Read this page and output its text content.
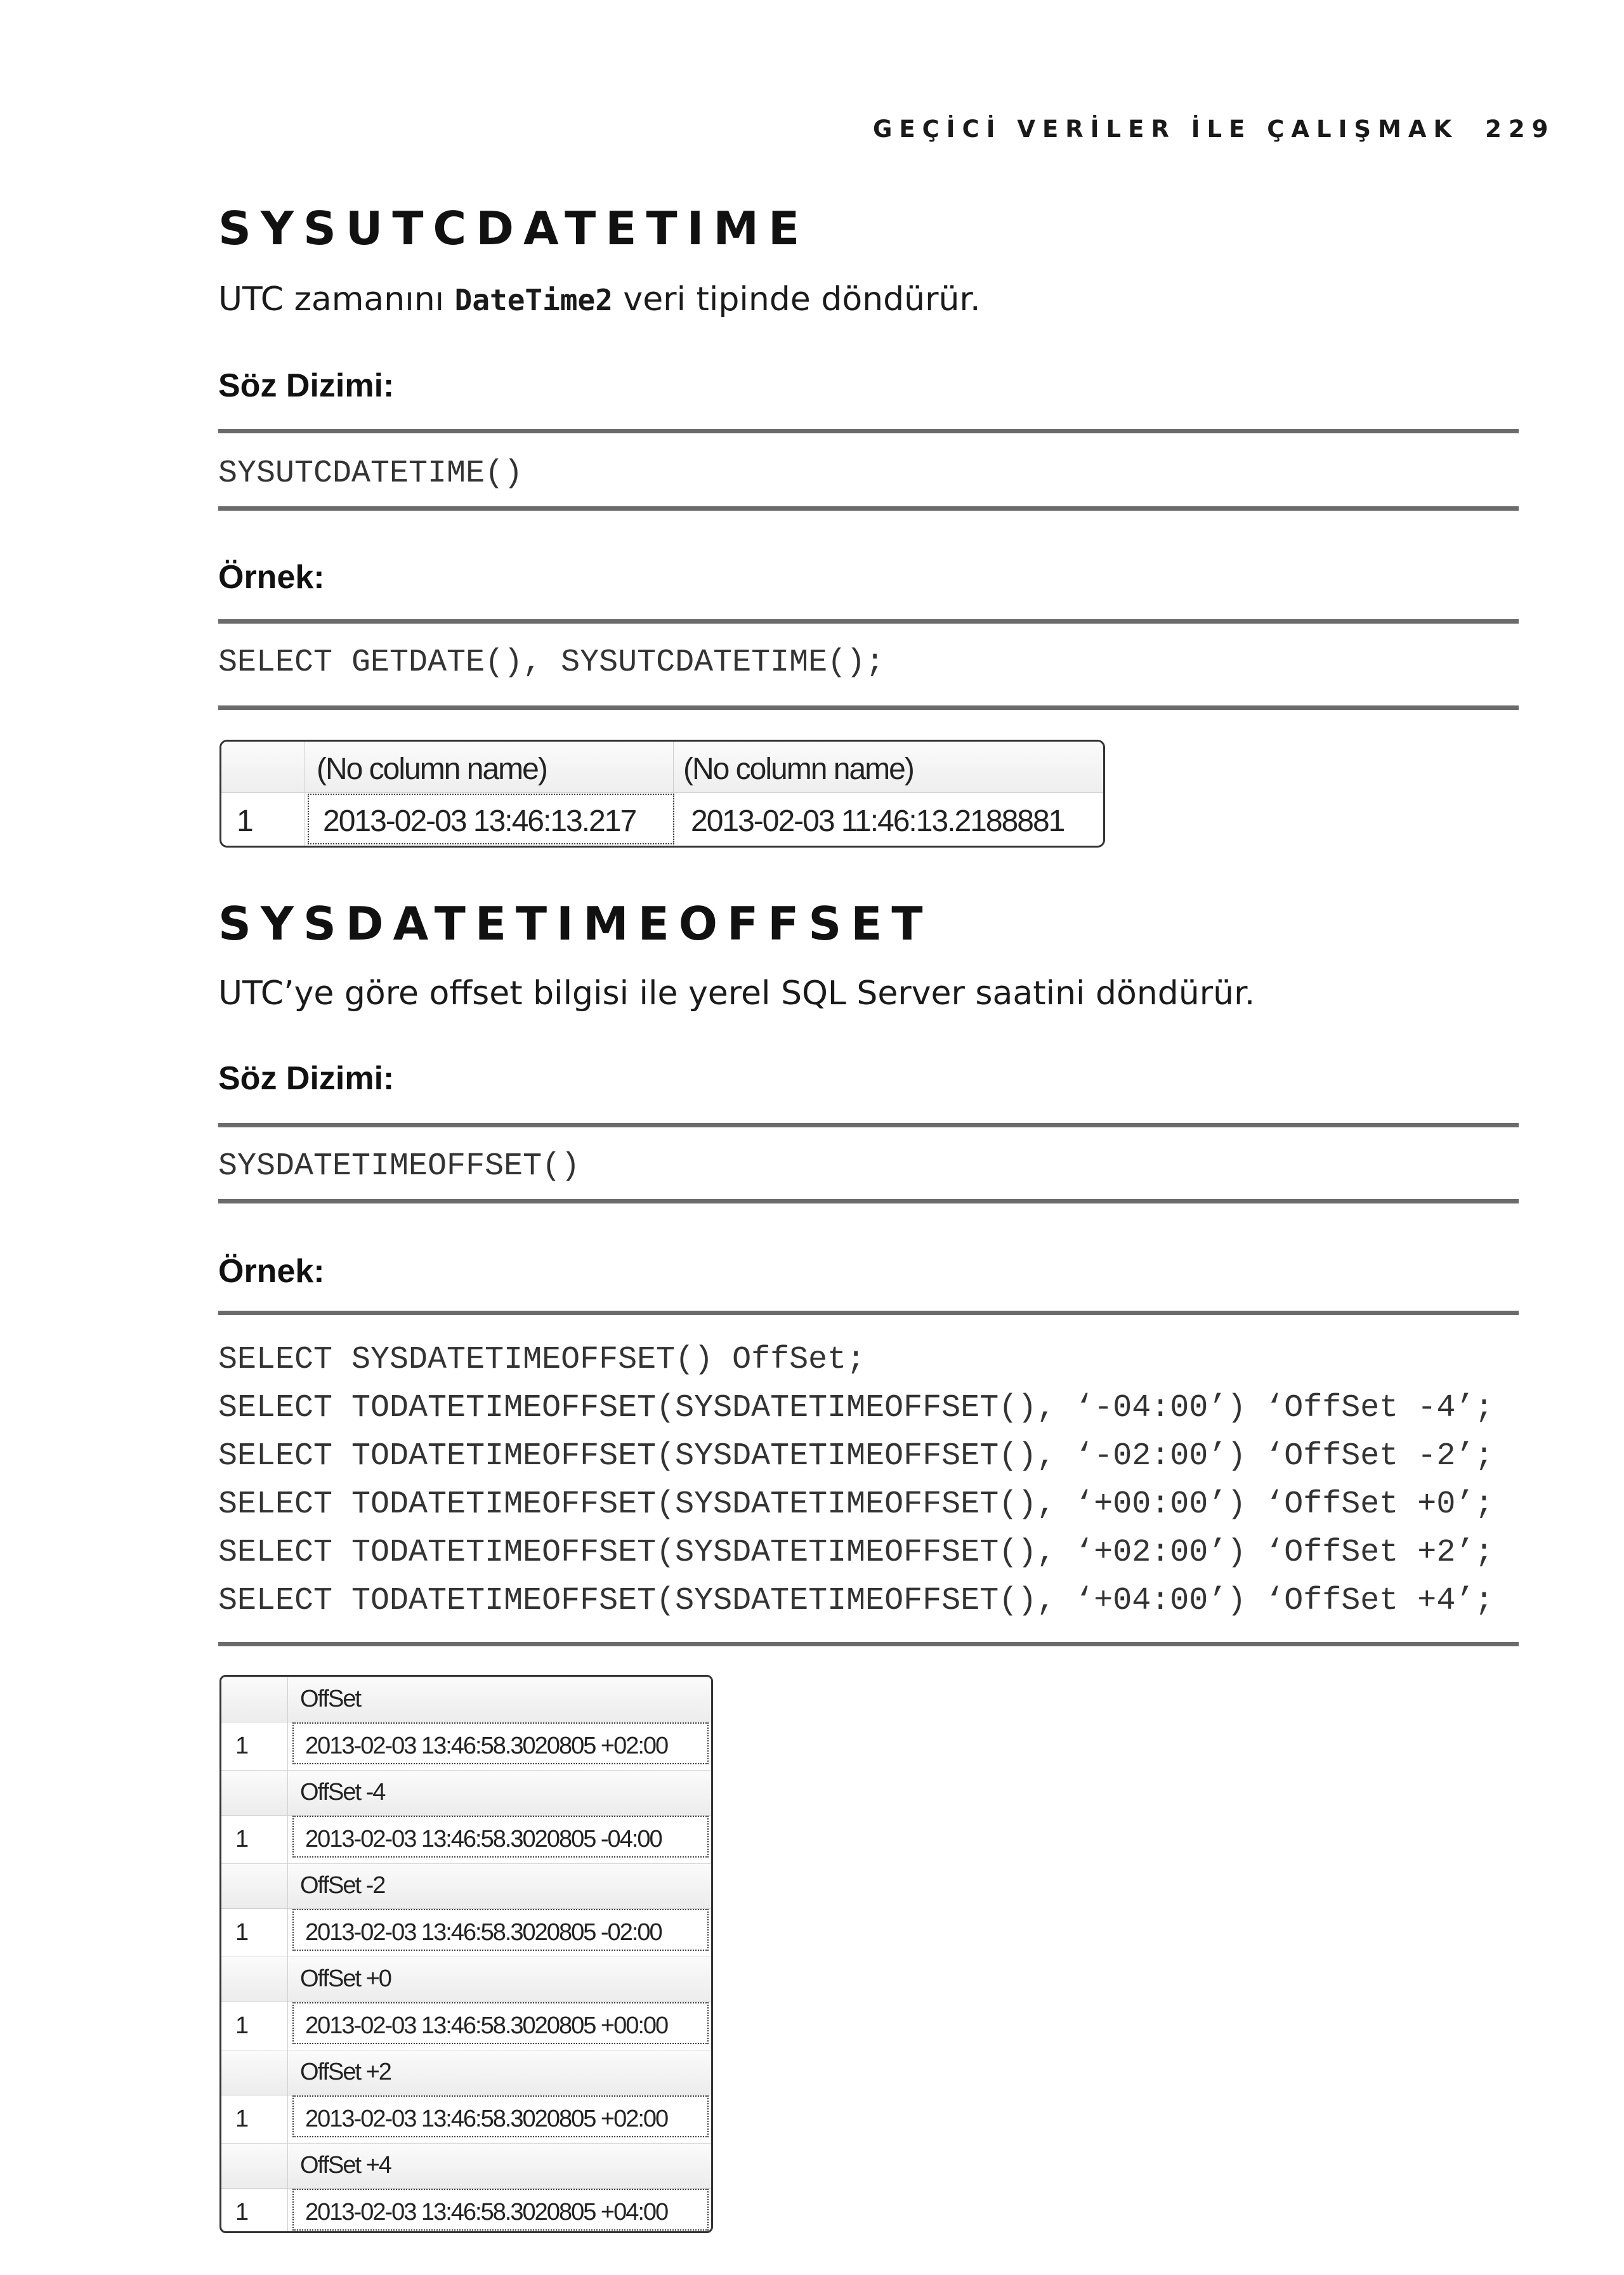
GEÇİCİ VERİLER İLE ÇALIŞMAK 229
SYSUTCDATETIME
UTC zamanını DateTime2 veri tipinde döndürür.
Söz Dizimi:
SYSUTCDATETIME()
Örnek:
SELECT GETDATE(), SYSUTCDATETIME();
(No column name)	(No column name)
1 2013-02-03 13:46:13.217 2013-02-03 11:46:13.2188881
SYSDATETIMEOFFSET
UTC’ye göre offset bilgisi ile yerel SQL Server saatini döndürür.
Söz Dizimi:
SYSDATETIMEOFFSET()
Örnek:
SELECT SYSDATETIMEOFFSET() OffSet;
SELECT TODATETIMEOFFSET(SYSDATETIMEOFFSET(), ‘-04:00’) ‘OffSet -4’;
SELECT TODATETIMEOFFSET(SYSDATETIMEOFFSET(), ‘-02:00’) ‘OffSet -2’;
SELECT TODATETIMEOFFSET(SYSDATETIMEOFFSET(), ‘+00:00’) ‘OffSet +0’;
SELECT TODATETIMEOFFSET(SYSDATETIMEOFFSET(), ‘+02:00’) ‘OffSet +2’;
SELECT TODATETIMEOFFSET(SYSDATETIMEOFFSET(), ‘+04:00’) ‘OffSet +4’;
OffSet
1 2013-02-03 13:46:58.3020805 +02:00
OffSet -4
1 2013-02-03 13:46:58.3020805 -04:00
OffSet -2
1 2013-02-03 13:46:58.3020805 -02:00
OffSet +0
1 2013-02-03 13:46:58.3020805 +00:00
OffSet +2
1 2013-02-03 13:46:58.3020805 +02:00
OffSet +4
1 2013-02-03 13:46:58.3020805 +04:00
